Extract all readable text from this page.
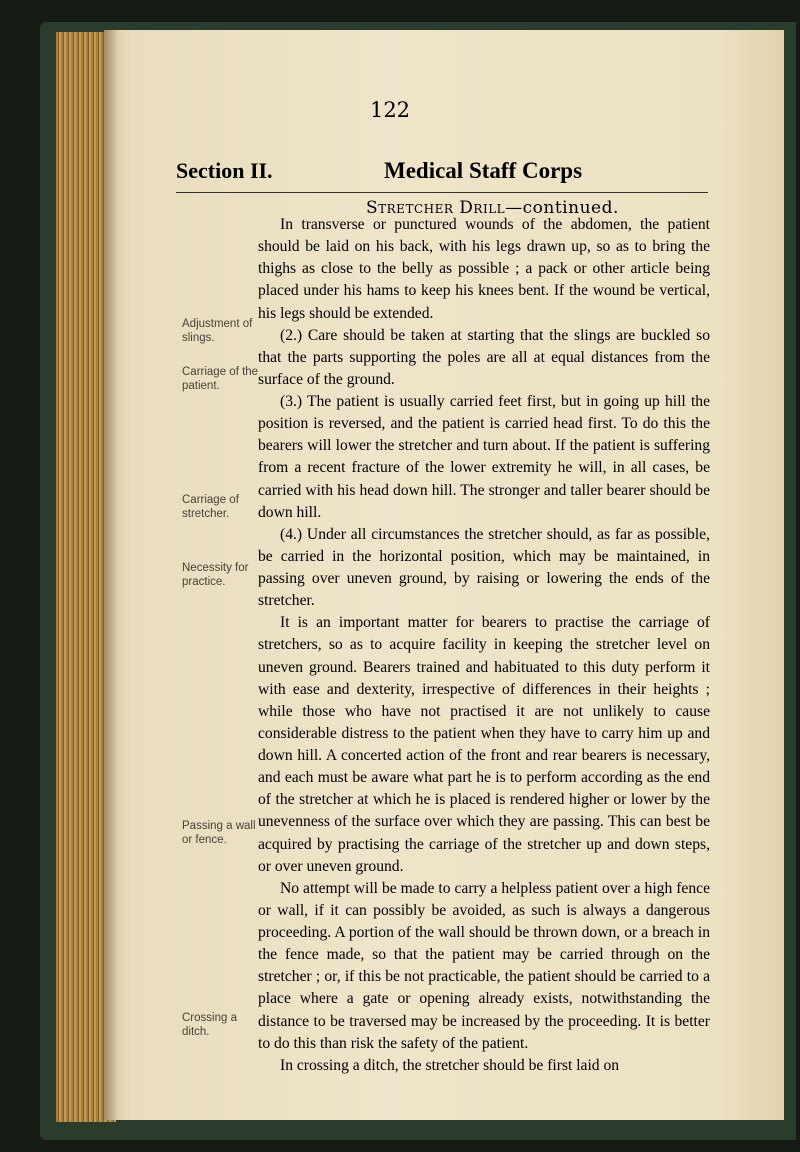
122
Section II.	Medical Staff Corps
Stretcher Drill—continued.
Adjustment of slings.
Carriage of the patient.
Carriage of stretcher.
Necessity for practice.
Passing a wall or fence.
Crossing a ditch.

In transverse or punctured wounds of the abdomen, the patient should be laid on his back, with his legs drawn up, so as to bring the thighs as close to the belly as possible ; a pack or other article being placed under his hams to keep his knees bent. If the wound be vertical, his legs should be extended.

(2.) Care should be taken at starting that the slings are buckled so that the parts supporting the poles are all at equal distances from the surface of the ground.

(3.) The patient is usually carried feet first, but in going up hill the position is reversed, and the patient is carried head first. To do this the bearers will lower the stretcher and turn about. If the patient is suffering from a recent fracture of the lower extremity he will, in all cases, be carried with his head down hill. The stronger and taller bearer should be down hill.

(4.) Under all circumstances the stretcher should, as far as possible, be carried in the horizontal position, which may be maintained, in passing over uneven ground, by raising or lowering the ends of the stretcher.

It is an important matter for bearers to practise the carriage of stretchers, so as to acquire facility in keeping the stretcher level on uneven ground. Bearers trained and habituated to this duty perform it with ease and dexterity, irrespective of differences in their heights ; while those who have not practised it are not unlikely to cause considerable distress to the patient when they have to carry him up and down hill. A concerted action of the front and rear bearers is necessary, and each must be aware what part he is to perform according as the end of the stretcher at which he is placed is rendered higher or lower by the unevenness of the surface over which they are passing. This can best be acquired by practising the carriage of the stretcher up and down steps, or over uneven ground.

No attempt will be made to carry a helpless patient over a high fence or wall, if it can possibly be avoided, as such is always a dangerous proceeding. A portion of the wall should be thrown down, or a breach in the fence made, so that the patient may be carried through on the stretcher ; or, if this be not practicable, the patient should be carried to a place where a gate or opening already exists, notwithstanding the distance to be traversed may be increased by the proceeding. It is better to do this than risk the safety of the patient.

In crossing a ditch, the stretcher should be first laid on
